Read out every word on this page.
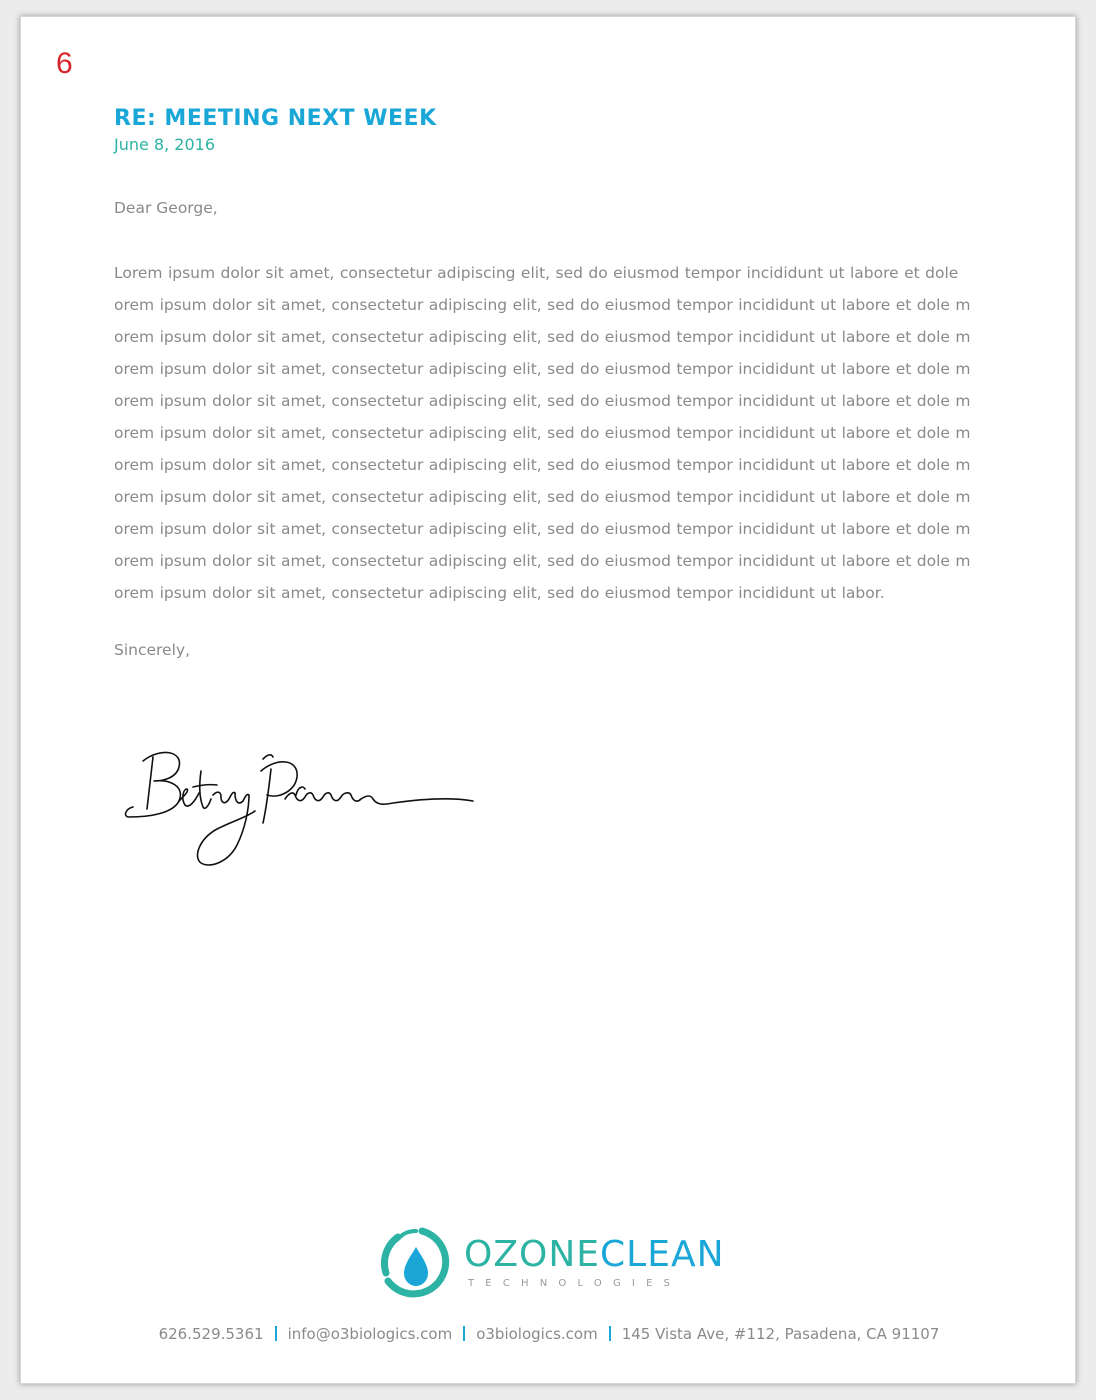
6
RE: MEETING NEXT WEEK
June 8, 2016
Dear George,
Lorem ipsum dolor sit amet, consectetur adipiscing elit, sed do eiusmod tempor incididunt ut labore et dole orem ipsum dolor sit amet, consectetur adipiscing elit, sed do eiusmod tempor incididunt ut labore et dole m orem ipsum dolor sit amet, consectetur adipiscing elit, sed do eiusmod tempor incididunt ut labore et dole m orem ipsum dolor sit amet, consectetur adipiscing elit, sed do eiusmod tempor incididunt ut labore et dole m orem ipsum dolor sit amet, consectetur adipiscing elit, sed do eiusmod tempor incididunt ut labore et dole m orem ipsum dolor sit amet, consectetur adipiscing elit, sed do eiusmod tempor incididunt ut labore et dole m orem ipsum dolor sit amet, consectetur adipiscing elit, sed do eiusmod tempor incididunt ut labore et dole m orem ipsum dolor sit amet, consectetur adipiscing elit, sed do eiusmod tempor incididunt ut labore et dole m orem ipsum dolor sit amet, consectetur adipiscing elit, sed do eiusmod tempor incididunt ut labore et dole m orem ipsum dolor sit amet, consectetur adipiscing elit, sed do eiusmod tempor incididunt ut labore et dole m orem ipsum dolor sit amet, consectetur adipiscing elit, sed do eiusmod tempor incididunt ut labor.
Sincerely,
OZONECLEAN
TECHNOLOGIES
626.529.5361 info@o3biologics.com o3biologics.com 145 Vista Ave, #112, Pasadena, CA 91107
